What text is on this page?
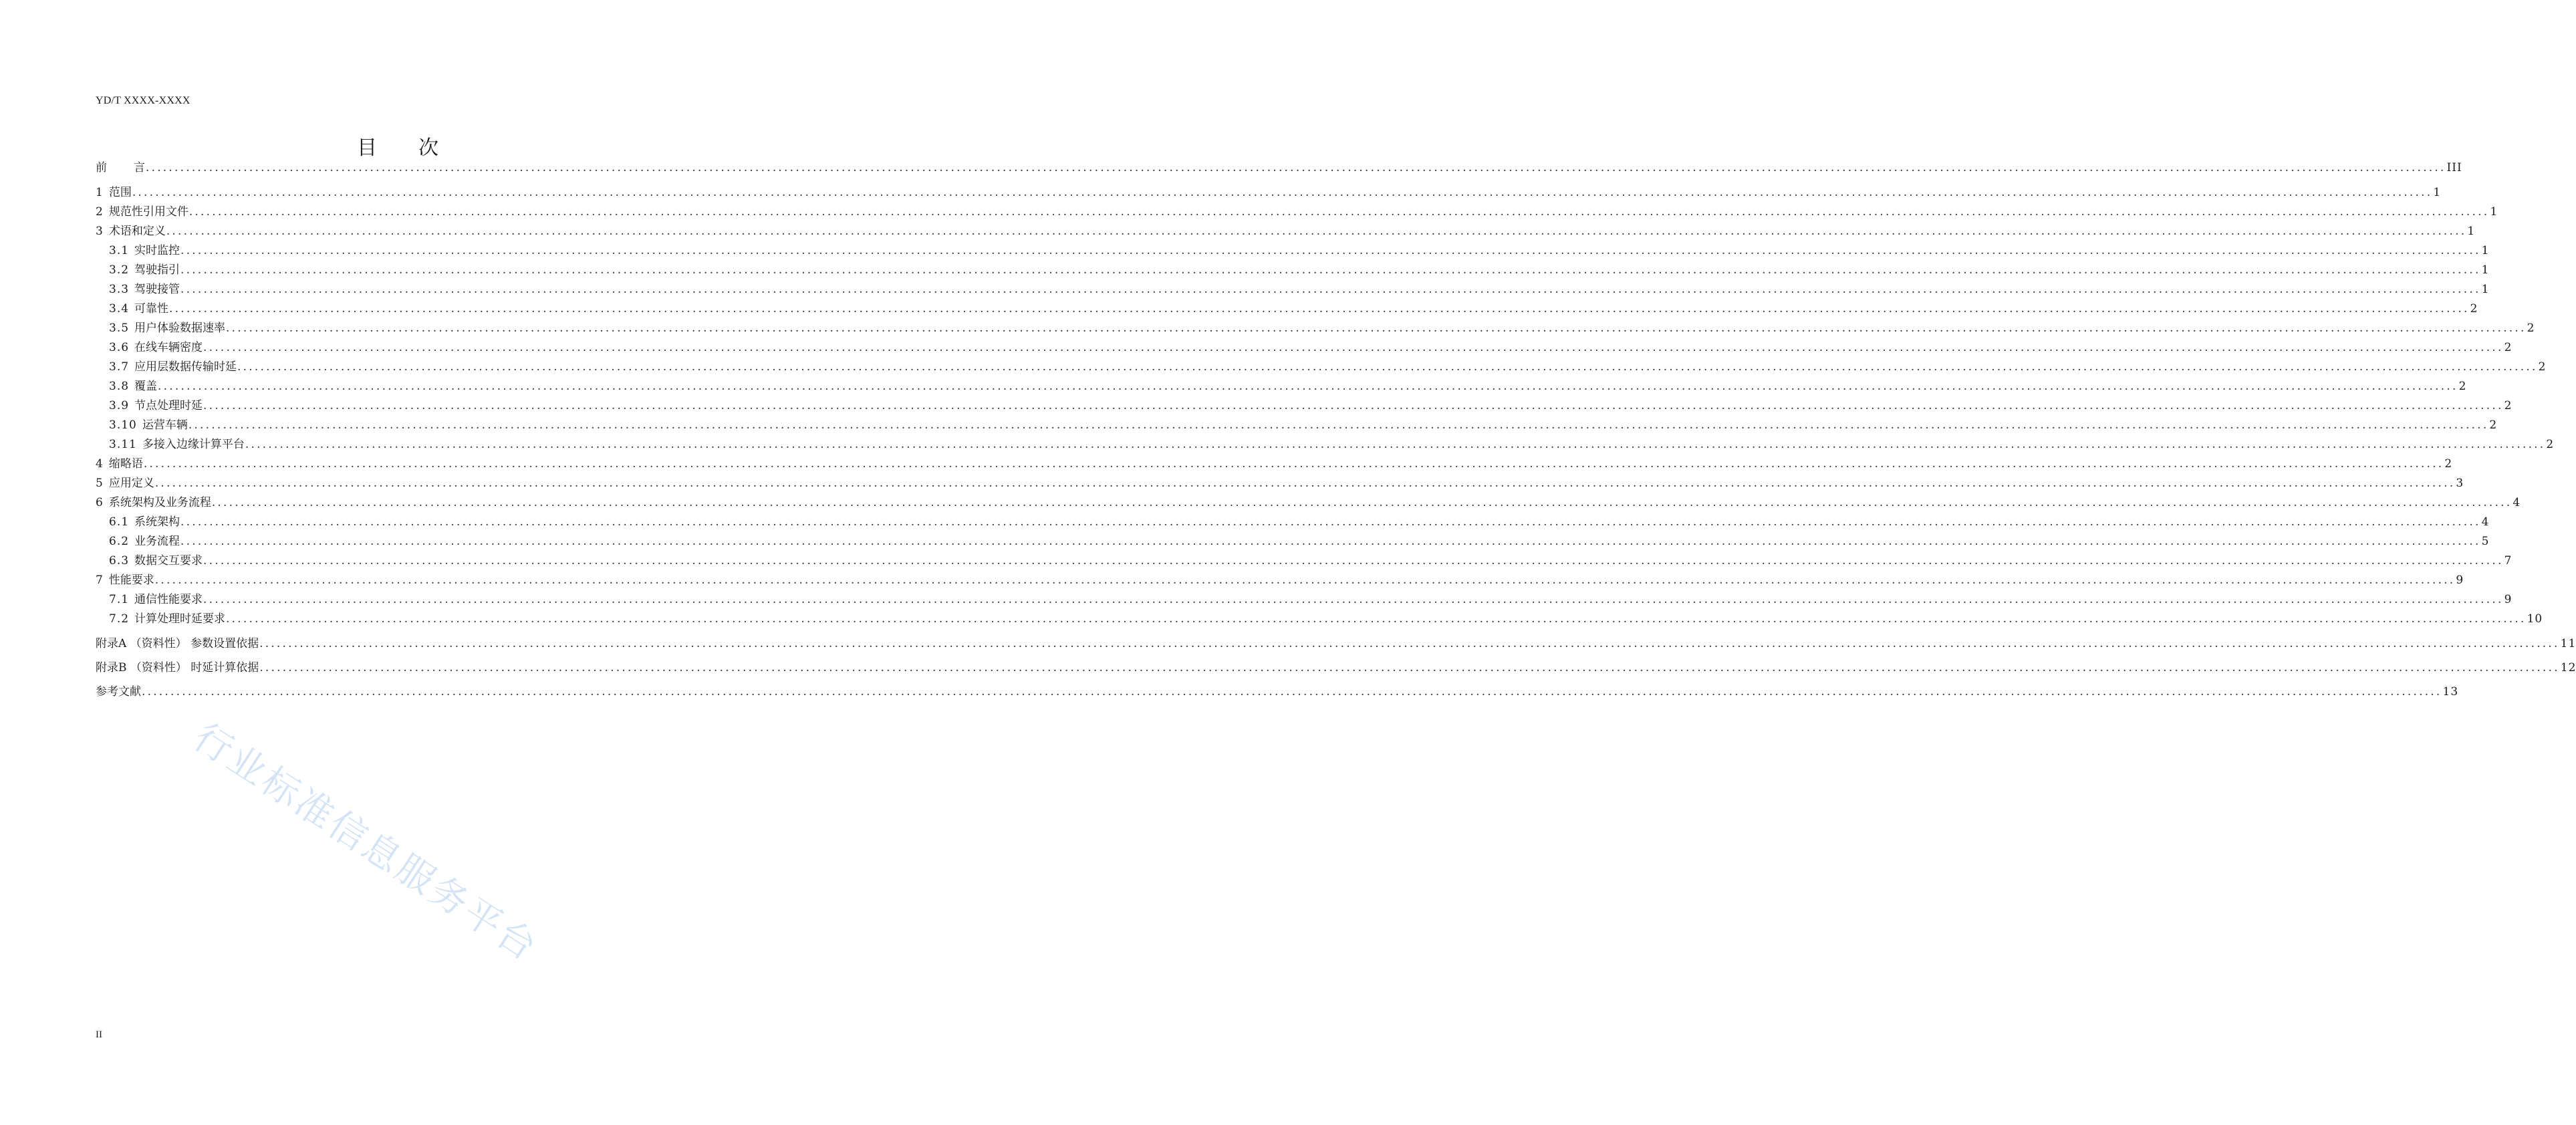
YD/T XXXX-XXXX
目 次
前 言 ................................................................................................................................................................................................................................................................................................................................................................................................................ III
1 范围 ................................................................................................................................................................................................................................................................................................................................................................................................................ 1
2 规范性引用文件 ................................................................................................................................................................................................................................................................................................................................................................................................................ 1
3 术语和定义 ................................................................................................................................................................................................................................................................................................................................................................................................................ 1
3.1 实时监控 ................................................................................................................................................................................................................................................................................................................................................................................................................ 1
3.2 驾驶指引 ................................................................................................................................................................................................................................................................................................................................................................................................................ 1
3.3 驾驶接管 ................................................................................................................................................................................................................................................................................................................................................................................................................ 1
3.4 可靠性 ................................................................................................................................................................................................................................................................................................................................................................................................................ 2
3.5 用户体验数据速率 ................................................................................................................................................................................................................................................................................................................................................................................................................ 2
3.6 在线车辆密度 ................................................................................................................................................................................................................................................................................................................................................................................................................ 2
3.7 应用层数据传输时延 ................................................................................................................................................................................................................................................................................................................................................................................................................ 2
3.8 覆盖 ................................................................................................................................................................................................................................................................................................................................................................................................................ 2
3.9 节点处理时延 ................................................................................................................................................................................................................................................................................................................................................................................................................ 2
3.10 运营车辆 ................................................................................................................................................................................................................................................................................................................................................................................................................ 2
3.11 多接入边缘计算平台 ................................................................................................................................................................................................................................................................................................................................................................................................................ 2
4 缩略语 ................................................................................................................................................................................................................................................................................................................................................................................................................ 2
5 应用定义 ................................................................................................................................................................................................................................................................................................................................................................................................................ 3
6 系统架构及业务流程 ................................................................................................................................................................................................................................................................................................................................................................................................................ 4
6.1 系统架构 ................................................................................................................................................................................................................................................................................................................................................................................................................ 4
6.2 业务流程 ................................................................................................................................................................................................................................................................................................................................................................................................................ 5
6.3 数据交互要求 ................................................................................................................................................................................................................................................................................................................................................................................................................ 7
7 性能要求 ................................................................................................................................................................................................................................................................................................................................................................................................................ 9
7.1 通信性能要求 ................................................................................................................................................................................................................................................................................................................................................................................................................ 9
7.2 计算处理时延要求 ................................................................................................................................................................................................................................................................................................................................................................................................................ 10
附录A （资料性） 参数设置依据 ................................................................................................................................................................................................................................................................................................................................................................................................................ 11
附录B （资料性） 时延计算依据 ................................................................................................................................................................................................................................................................................................................................................................................................................ 12
参考文献 ................................................................................................................................................................................................................................................................................................................................................................................................................ 13
II
行业标准信息服务平台
